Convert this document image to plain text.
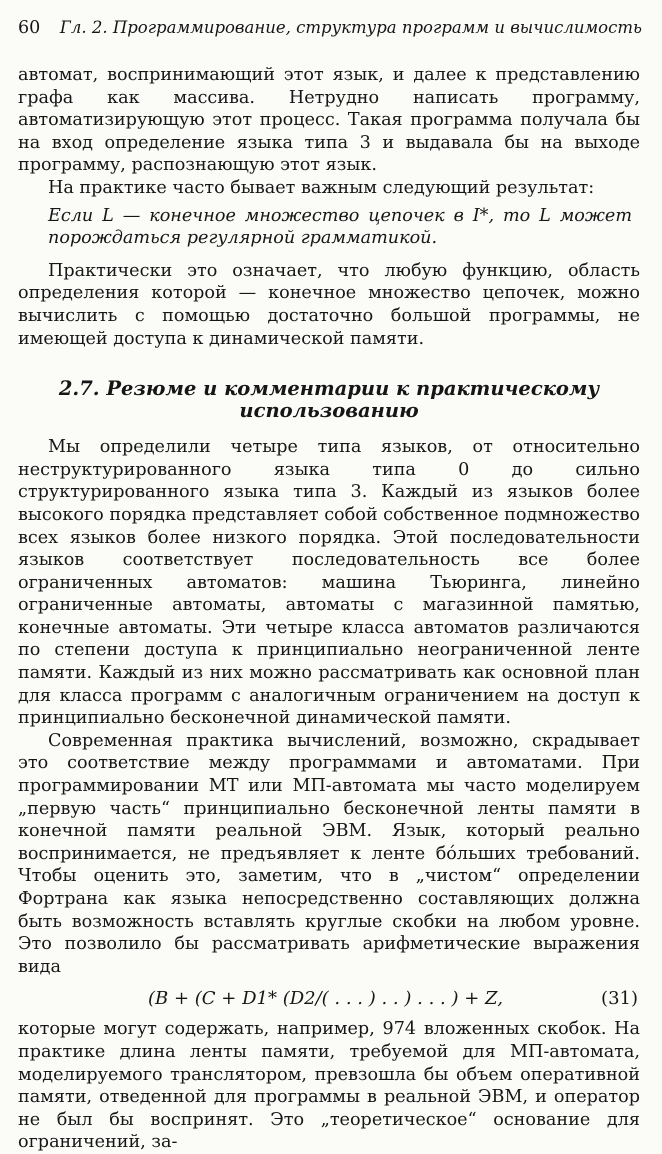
60 Гл. 2. Программирование, структура программ и вычислимость

автомат, воспринимающий этот язык, и далее к представлению графа как массива. Нетрудно написать программу, автоматизирующую этот процесс. Такая программа получала бы на вход определение языка типа 3 и выдавала бы на выходе программу, распознающую этот язык.

На практике часто бывает важным следующий результат:

Если L — конечное множество цепочек в I*, то L может порождаться регулярной грамматикой.

Практически это означает, что любую функцию, область определения которой — конечное множество цепочек, можно вычислить с помощью достаточно большой программы, не имеющей доступа к динамической памяти.

2.7. Резюме и комментарии к практическому использованию

Мы определили четыре типа языков, от относительно неструктурированного языка типа 0 до сильно структурированного языка типа 3. Каждый из языков более высокого порядка представляет собой собственное подмножество всех языков более низкого порядка. Этой последовательности языков соответствует последовательность все более ограниченных автоматов: машина Тьюринга, линейно ограниченные автоматы, автоматы с магазинной памятью, конечные автоматы. Эти четыре класса автоматов различаются по степени доступа к принципиально неограниченной ленте памяти. Каждый из них можно рассматривать как основной план для класса программ с аналогичным ограничением на доступ к принципиально бесконечной динамической памяти.

Современная практика вычислений, возможно, скрадывает это соответствие между программами и автоматами. При программировании МТ или МП-автомата мы часто моделируем „первую часть“ принципиально бесконечной ленты памяти в конечной памяти реальной ЭВМ. Язык, который реально воспринимается, не предъявляет к ленте бóльших требований. Чтобы оценить это, заметим, что в „чистом“ определении Фортрана как языка непосредственно составляющих должна быть возможность вставлять круглые скобки на любом уровне. Это позволило бы рассматривать арифметические выражения вида

(B + (C + D1* (D2/( . . . ) . . ) . . . ) + Z,	(31)

которые могут содержать, например, 974 вложенных скобок. На практике длина ленты памяти, требуемой для МП-автомата, моделируемого транслятором, превзошла бы объем оперативной памяти, отведенной для программы в реальной ЭВМ, и оператор не был бы воспринят. Это „теоретическое“ основание для ограничений, за-
